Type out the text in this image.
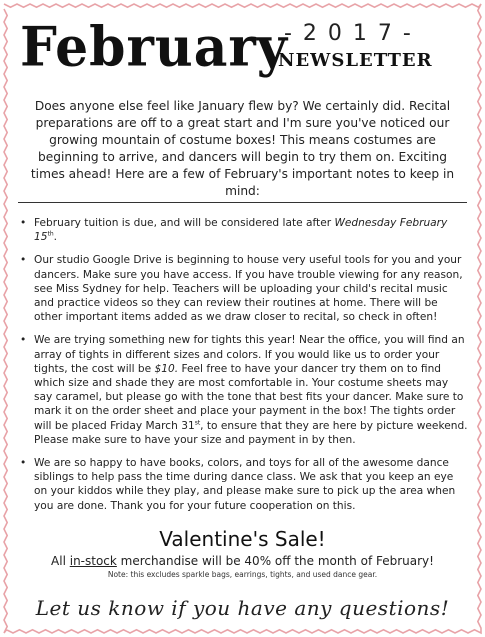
February
- 2 0 1 7 -
NEWSLETTER
Does anyone else feel like January flew by? We certainly did. Recital preparations are off to a great start and I'm sure you've noticed our growing mountain of costume boxes! This means costumes are beginning to arrive, and dancers will begin to try them on. Exciting times ahead! Here are a few of February's important notes to keep in mind:
• February tuition is due, and will be considered late after Wednesday February 15th.
• Our studio Google Drive is beginning to house very useful tools for you and your dancers. Make sure you have access. If you have trouble viewing for any reason, see Miss Sydney for help. Teachers will be uploading your child's recital music and practice videos so they can review their routines at home. There will be other important items added as we draw closer to recital, so check in often!
• We are trying something new for tights this year! Near the office, you will find an array of tights in different sizes and colors. If you would like us to order your tights, the cost will be $10. Feel free to have your dancer try them on to find which size and shade they are most comfortable in. Your costume sheets may say caramel, but please go with the tone that best fits your dancer. Make sure to mark it on the order sheet and place your payment in the box! The tights order will be placed Friday March 31st, to ensure that they are here by picture weekend. Please make sure to have your size and payment in by then.
• We are so happy to have books, colors, and toys for all of the awesome dance siblings to help pass the time during dance class. We ask that you keep an eye on your kiddos while they play, and please make sure to pick up the area when you are done. Thank you for your future cooperation on this.
Valentine's Sale!
All in-stock merchandise will be 40% off the month of February!
Note: this excludes sparkle bags, earrings, tights, and used dance gear.
Let us know if you have any questions!
